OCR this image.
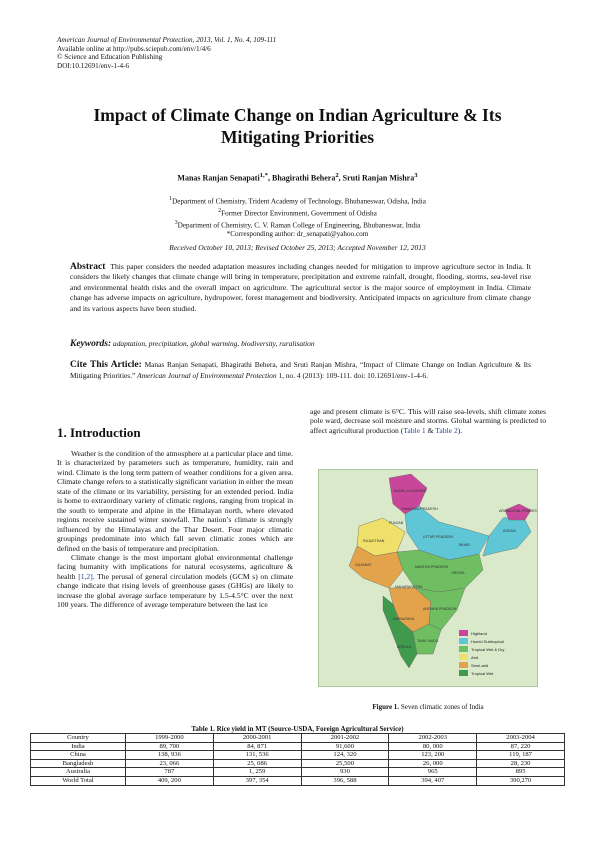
American Journal of Environmental Protection, 2013, Vol. 1, No. 4, 109-111
Available online at http://pubs.sciepub.com/env/1/4/6
© Science and Education Publishing
DOI:10.12691/env-1-4-6
Impact of Climate Change on Indian Agriculture & Its
Mitigating Priorities
Manas Ranjan Senapati$^{1,*}$, Bhagirathi Behera$^2$, Sruti Ranjan Mishra$^3$
$^1$Department of Chemistry, Trident Academy of Technology, Bhubaneswar, Odisha, India
$^2$Former Director Environment, Government of Odisha
$^3$Department of Chemistry, C. V. Raman College of Engineering, Bhubaneswar, India
*Corresponding author: dr_senapati@yahoo.com
Received October 10, 2013; Revised October 25, 2013; Accepted November 12, 2013
Abstract This paper considers the needed adaptation measures including changes needed for mitigation to improve agriculture sector in India. It considers the likely changes that climate change will bring in temperature, precipitation and extreme rainfall, drought, flooding, storms, sea-level rise and environmental health risks and the overall impact on agriculture. The agricultural sector is the major source of employment in India. Climate change has adverse impacts on agriculture, hydropower, forest management and biodiversity. Anticipated impacts on agriculture from climate change and its various aspects have been studied.
Keywords: adaptation, precipitation, global warming, biodiversity, ruralisation
Cite This Article: Manas Ranjan Senapati, Bhagirathi Behera, and Sruti Ranjan Mishra, “Impact of Climate Change on Indian Agriculture & Its Mitigating Priorities.” American Journal of Environmental Protection 1, no. 4 (2013): 109-111. doi: 10.12691/env-1-4-6.
1. Introduction

Weather is the condition of the atmosphere at a particular place and time. It is characterized by parameters such as temperature, humidity, rain and wind. Climate is the long term pattern of weather conditions for a given area. Climate change refers to a statistically significant variation in either the mean state of the climate or its variability, persisting for an extended period. India is home to extraordinary variety of climatic regions, ranging from tropical in the south to temperate and alpine in the Himalayan north, where elevated regions receive sustained winter snowfall. The nation’s climate is strongly influenced by the Himalayas and the Thar Desert. Four major climatic groupings predominate into which fall seven climatic zones which are defined on the basis of temperature and precipitation.

Climate change is the most important global environmental challenge facing humanity with implications for natural ecosystems, agriculture & health [1,2]. The perusal of general circulation models (GCM s) on climate change indicate that rising levels of greenhouse gases (GHGs) are likely to increase the global average surface temperature by 1.5-4.5°C over the next 100 years. The difference of average temperature between the last ice

age and present climate is 6°C. This will raise sea-levels, shift climate zones pole ward, decrease soil moisture and storms. Global warming is predicted to affect agricultural production (Table 1 & Table 2).

JAMMU & KASHMIR
HIMACHAL PRADESH
PUNJAB
RAJASTHAN
UTTAR PRADESH
BIHAR
MADHYA PRADESH
GUJARAT
MAHARASHTRA
ANDHRA PRADESH
KARNATAKA
KERALA
TAMIL NADU
ORISSA
ARUNACHAL PRADESH
ASSAM
Highland
Humid Subtropical
Tropical Wet & Dry
Arid
Semi-arid
Tropical Wet
Figure 1. Seven climatic zones of India
Table 1. Rice yield in MT (Source-USDA, Foreign Agricultural Service)
Country	1999-2000	2000-2001	2001-2002	2002-2003	2003-2004
India	89, 700	84, 871	91,600	80, 000	87, 220
China	138, 936	131, 536	124, 320	123, 200	119, 187
Bangladesh	23, 066	25, 086	25,500	26, 000	28, 230
Australia	787	1, 259	930	965	895
World Total	409, 200	397, 354	396, 588	394, 407	390,270
